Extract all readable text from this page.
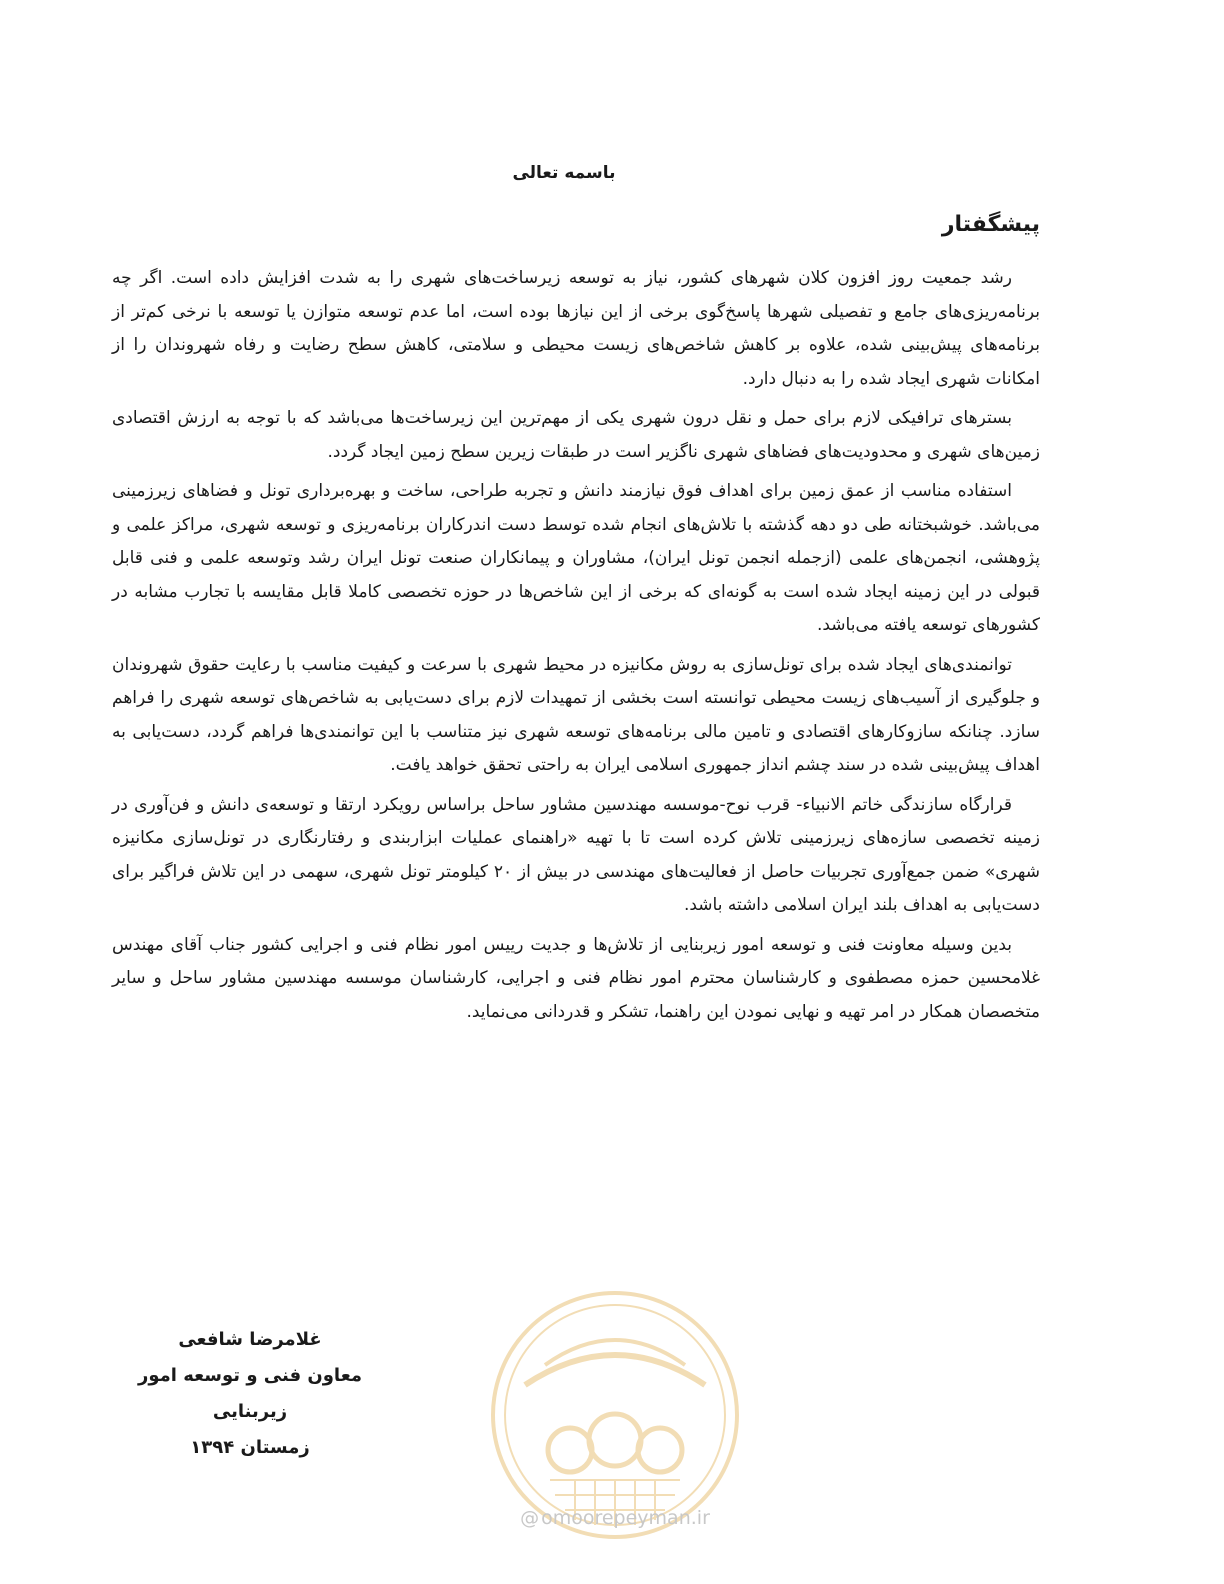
باسمه تعالی
پیشگفتار

رشد جمعیت روز افزون کلان شهرهای کشور، نیاز به توسعه زیرساخت‌های شهری را به شدت افزایش داده است. اگر چه برنامه‌ریزی‌های جامع و تفصیلی شهرها پاسخ‌گوی برخی از این نیازها بوده است، اما عدم توسعه متوازن یا توسعه با نرخی کم‌تر از برنامه‌های پیش‌بینی شده، علاوه بر کاهش شاخص‌های زیست محیطی و سلامتی، کاهش سطح رضایت و رفاه شهروندان را از امکانات شهری ایجاد شده را به دنبال دارد.

بسترهای ترافیکی لازم برای حمل و نقل درون شهری یکی از مهم‌ترین این زیرساخت‌ها می‌باشد که با توجه به ارزش اقتصادی زمین‌های شهری و محدودیت‌های فضاهای شهری ناگزیر است در طبقات زیرین سطح زمین ایجاد گردد.

استفاده مناسب از عمق زمین برای اهداف فوق نیازمند دانش و تجربه طراحی، ساخت و بهره‌برداری تونل و فضاهای زیرزمینی می‌باشد. خوشبختانه طی دو دهه گذشته با تلاش‌های انجام شده توسط دست اندرکاران برنامه‌ریزی و توسعه شهری، مراکز علمی و پژوهشی، انجمن‌های علمی (ازجمله انجمن تونل ایران)، مشاوران و پیمانکاران صنعت تونل ایران رشد وتوسعه علمی و فنی قابل قبولی در این زمینه ایجاد شده است به گونه‌ای که برخی از این شاخص‌ها در حوزه تخصصی کاملا قابل مقایسه با تجارب مشابه در کشورهای توسعه یافته می‌باشد.

توانمندی‌های ایجاد شده برای تونل‌سازی به روش مکانیزه در محیط شهری با سرعت و کیفیت مناسب با رعایت حقوق شهروندان و جلوگیری از آسیب‌های زیست محیطی توانسته است بخشی از تمهیدات لازم برای دست‌یابی به شاخص‌های توسعه شهری را فراهم سازد. چنانکه سازوکارهای اقتصادی و تامین مالی برنامه‌های توسعه شهری نیز متناسب با این توانمندی‌ها فراهم گردد، دست‌یابی به اهداف پیش‌بینی شده در سند چشم انداز جمهوری اسلامی ایران به راحتی تحقق خواهد یافت.

قرارگاه سازندگی خاتم الانبیاء- قرب نوح-موسسه مهندسین مشاور ساحل براساس رویکرد ارتقا و توسعه‌ی دانش و فن‌آوری در زمینه تخصصی سازه‌های زیرزمینی تلاش کرده است تا با تهیه «راهنمای عملیات ابزاربندی و رفتارنگاری در تونل‌سازی مکانیزه شهری» ضمن جمع‌آوری تجربیات حاصل از فعالیت‌های مهندسی در بیش از ۲۰ کیلومتر تونل شهری، سهمی در این تلاش فراگیر برای دست‌یابی به اهداف بلند ایران اسلامی داشته باشد.

بدین وسیله معاونت فنی و توسعه امور زیربنایی از تلاش‌ها و جدیت رییس امور نظام فنی و اجرایی کشور جناب آقای مهندس غلامحسین حمزه مصطفوی و کارشناسان محترم امور نظام فنی و اجرایی، کارشناسان موسسه مهندسین مشاور ساحل و سایر متخصصان همکار در امر تهیه و نهایی نمودن این راهنما، تشکر و قدردانی می‌نماید.

غلامرضا شافعی
معاون فنی و توسعه امور زیربنایی
زمستان ۱۳۹۴
@ omoorepeyman.ir
